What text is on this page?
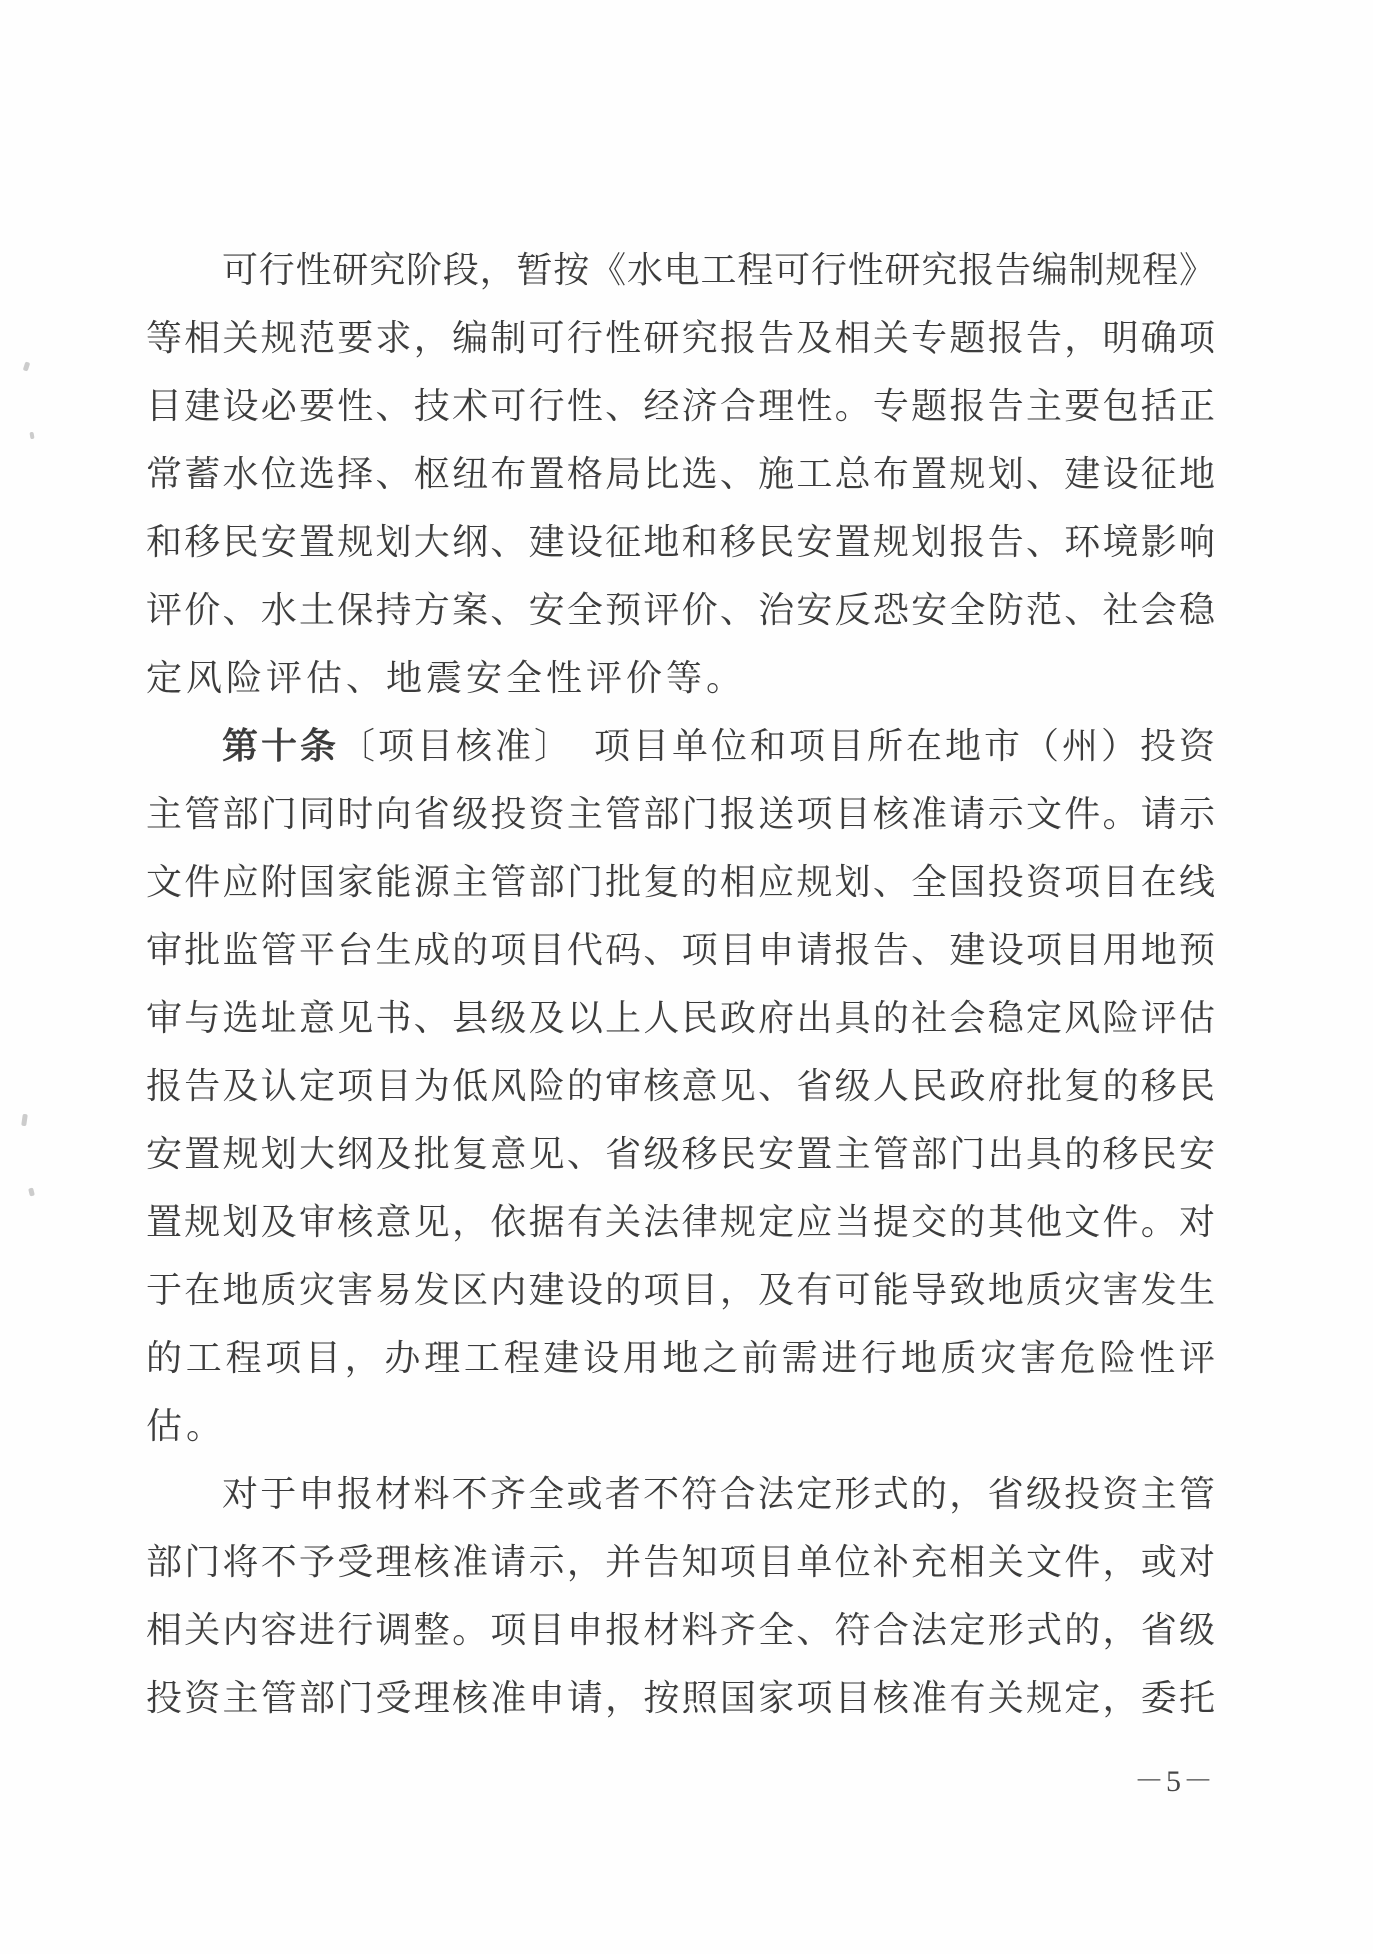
可行性研究阶段，暂按《水电工程可行性研究报告编制规程》
等相关规范要求，编制可行性研究报告及相关专题报告，明确项
目建设必要性、技术可行性、经济合理性。专题报告主要包括正
常蓄水位选择、枢纽布置格局比选、施工总布置规划、建设征地
和移民安置规划大纲、建设征地和移民安置规划报告、环境影响
评价、水土保持方案、安全预评价、治安反恐安全防范、社会稳
定风险评估、地震安全性评价等。
第十条〔项目核准〕　项目单位和项目所在地市（州）投资
主管部门同时向省级投资主管部门报送项目核准请示文件。请示
文件应附国家能源主管部门批复的相应规划、全国投资项目在线
审批监管平台生成的项目代码、项目申请报告、建设项目用地预
审与选址意见书、县级及以上人民政府出具的社会稳定风险评估
报告及认定项目为低风险的审核意见、省级人民政府批复的移民
安置规划大纲及批复意见、省级移民安置主管部门出具的移民安
置规划及审核意见，依据有关法律规定应当提交的其他文件。对
于在地质灾害易发区内建设的项目，及有可能导致地质灾害发生
的工程项目，办理工程建设用地之前需进行地质灾害危险性评
估。
对于申报材料不齐全或者不符合法定形式的，省级投资主管
部门将不予受理核准请示，并告知项目单位补充相关文件，或对
相关内容进行调整。项目申报材料齐全、符合法定形式的，省级
投资主管部门受理核准申请，按照国家项目核准有关规定，委托
－5－
